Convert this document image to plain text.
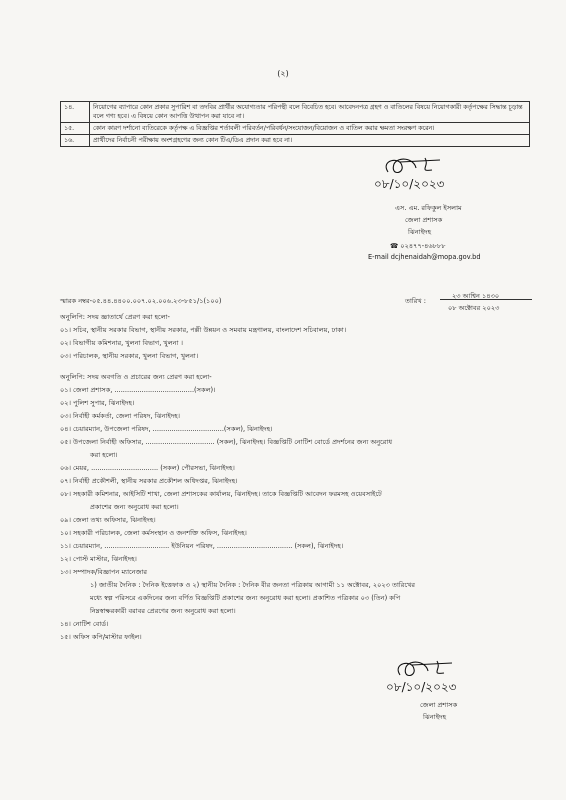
(২)
১৪.	নিয়োগের ব্যাপারে কোন প্রকার সুপারিশ বা তদবির প্রার্থীর অযোগ্যতার পরিপন্থী বলে বিবেচিত হবে। আবেদনপত্র গ্রহণ ও বাতিলের বিষয়ে নিয়োগকারী কর্তৃপক্ষের সিদ্ধান্ত চূড়ান্ত বলে গণ্য হবে। এ বিষয়ে কোন আপত্তি উত্থাপন করা যাবে না।
১৫.	কোন কারণ দর্শানো ব্যতিরেকে কর্তৃপক্ষ এ বিজ্ঞপ্তির শর্তাবলী পরিবর্তন/পরিবর্ধন/সংযোজন/বিয়োজন ও বাতিল করার ক্ষমতা সংরক্ষণ করেন।
১৬.	প্রার্থীদের নির্বাচনী পরীক্ষায় অংশগ্রহণের জন্য কোন টিএ/ডিএ প্রদান করা হবে না।
০৮/১০/২০২৩
এস. এম. রফিকুল ইসলাম
জেলা প্রশাসক
ঝিনাইদহ
☎ ০২৪৭৭-৪৬৮৮৮
E-mail dcjhenaidah@mopa.gov.bd
স্মারক নম্বর-০৫.৪৪.৪৪০০.০০৭.০২.০০৬.২৩-৮৫১/১(১০০)	তারিখ :
২৩ আশ্বিন ১৪৩০
০৮ অক্টোবর ২০২৩
অনুলিপি: সদয় জ্ঞাতার্থে প্রেরণ করা হলো-
০১। সচিব, স্থানীয় সরকার বিভাগ, স্থানীয় সরকার, পল্লী উন্নয়ন ও সমবায় মন্ত্রণালয়, বাংলাদেশ সচিবালয়, ঢাকা।
০২। বিভাগীয় কমিশনার, খুলনা বিভাগ, খুলনা ।
০৩। পরিচালক, স্থানীয় সরকার, খুলনা বিভাগ, খুলনা।
অনুলিপি: সদয় অবগতি ও প্রচারের জন্য প্রেরণ করা হলো-
০১। জেলা প্রশাসক, ......................................(সকল)।
০২। পুলিশ সুপার, ঝিনাইদহ।
০৩। নির্বাহী কর্মকর্তা, জেলা পরিষদ, ঝিনাইদহ।
০৪। চেয়ারম্যান, উপজেলা পরিষদ, ..................................(সকল), ঝিনাইদহ।
০৫। উপজেলা নির্বাহী অফিসার, ................................. (সকল), ঝিনাইদহ। বিজ্ঞপ্তিটি নোটিশ বোর্ডে প্রদর্শনের জন্য অনুরোধ
করা হলো।
০৬। মেয়র, ................................ (সকল) পৌরসভা, ঝিনাইদহ।
০৭। নির্বাহী প্রকৌশলী, স্থানীয় সরকার প্রকৌশল অধিদপ্তর, ঝিনাইদহ।
০৮। সহকারী কমিশনার, আইসিটি শাখা, জেলা প্রশাসকের কার্যালয়, ঝিনাইদহ। তাকে বিজ্ঞপ্তিটি আবেদন ফরমসহ ওয়েবসাইটে
প্রকাশের জন্য অনুরোধ করা হলো।
০৯। জেলা তথ্য অফিসার, ঝিনাইদহ।
১০। সহকারী পরিচালক, জেলা কর্মসংস্থান ও জনশক্তি অফিস, ঝিনাইদহ।
১১। চেয়ারম্যান, ............................... ইউনিয়ন পরিষদ, .................................... (সকল), ঝিনাইদহ।
১২। পোস্ট মাস্টার, ঝিনাইদহ।
১৩। সম্পাদক/বিজ্ঞাপন ম্যানেজার
১) জাতীয় দৈনিক : দৈনিক ইত্তেফাক ও ২) স্থানীয় দৈনিক : দৈনিক বীর জনতা পত্রিকায় আগামী ১১ অক্টোবর, ২০২৩ তারিখের
মধ্যে স্বল্প পরিসরে একদিনের জন্য বর্ণিত বিজ্ঞপ্তিটি প্রকাশের জন্য অনুরোধ করা হলো। প্রকাশিত পত্রিকার ০৩ (তিন) কপি
নিম্নস্বাক্ষরকারী বরাবর প্রেরণের জন্য অনুরোধ করা হলো।
১৪। নোটিশ বোর্ড।
১৫। অফিস কপি/মাস্টার ফাইল।
০৮/১০/২০২৩
জেলা প্রশাসক
ঝিনাইদহ
